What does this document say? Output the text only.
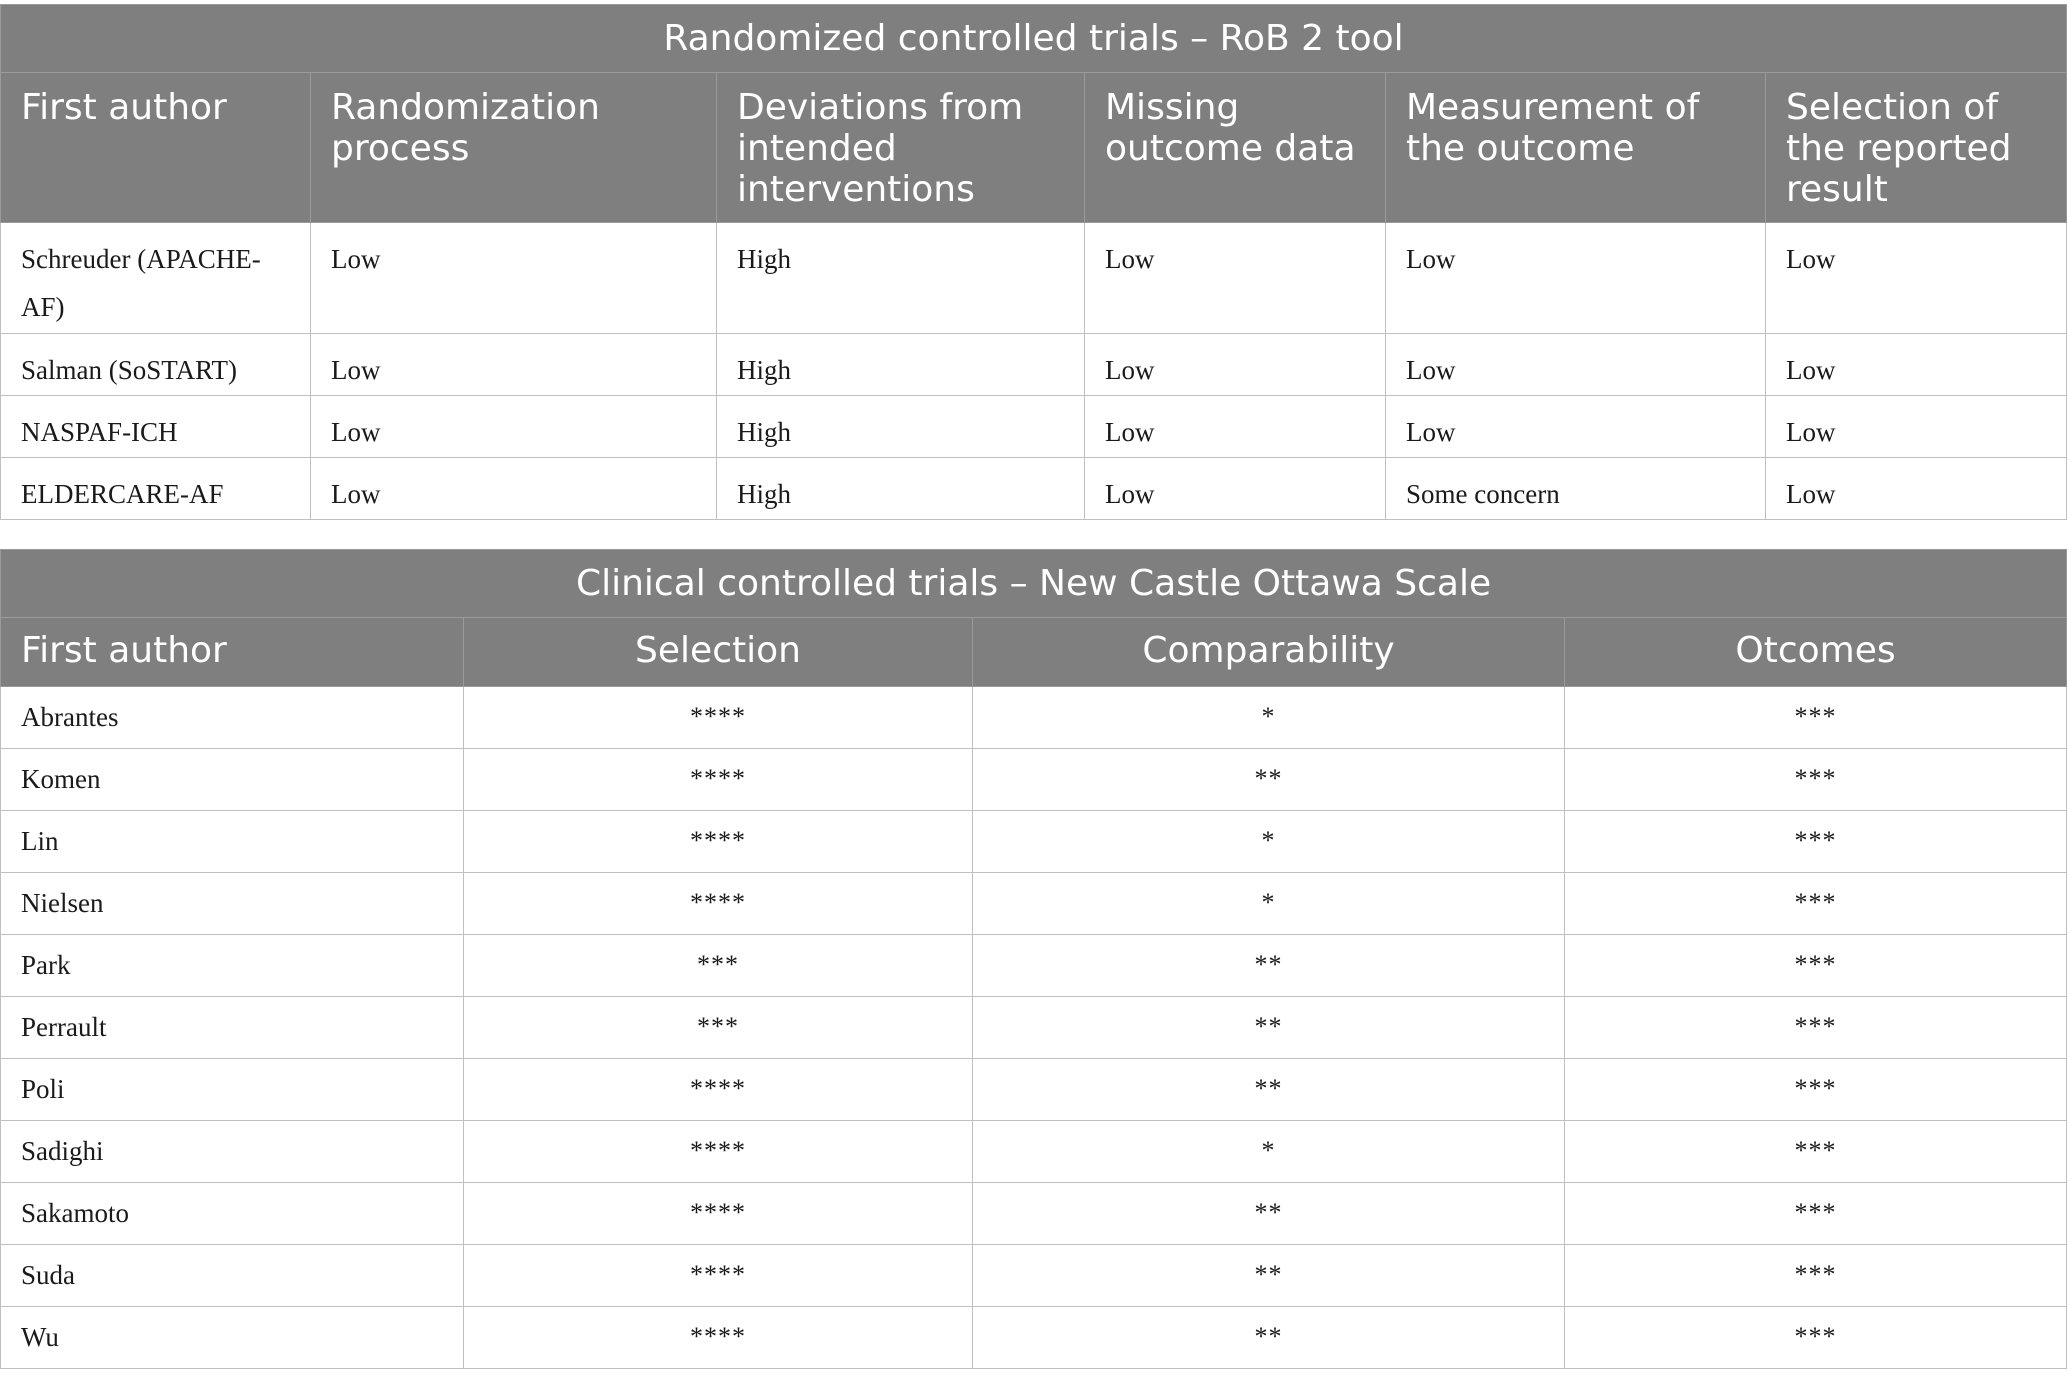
Randomized controlled trials – RoB 2 tool					
First author	Randomization process	Deviations from intended interventions	Missing outcome data	Measurement of the outcome	Selection of the reported result
Schreuder (APACHE-AF)	Low	High	Low	Low	Low
Salman (SoSTART)	Low	High	Low	Low	Low
NASPAF-ICH	Low	High	Low	Low	Low
ELDERCARE-AF	Low	High	Low	Some concern	Low
Clinical controlled trials – New Castle Ottawa Scale			
First author	Selection	Comparability	Otcomes
Abrantes	****	*	***
Komen	****	**	***
Lin	****	*	***
Nielsen	****	*	***
Park	***	**	***
Perrault	***	**	***
Poli	****	**	***
Sadighi	****	*	***
Sakamoto	****	**	***
Suda	****	**	***
Wu	****	**	***
